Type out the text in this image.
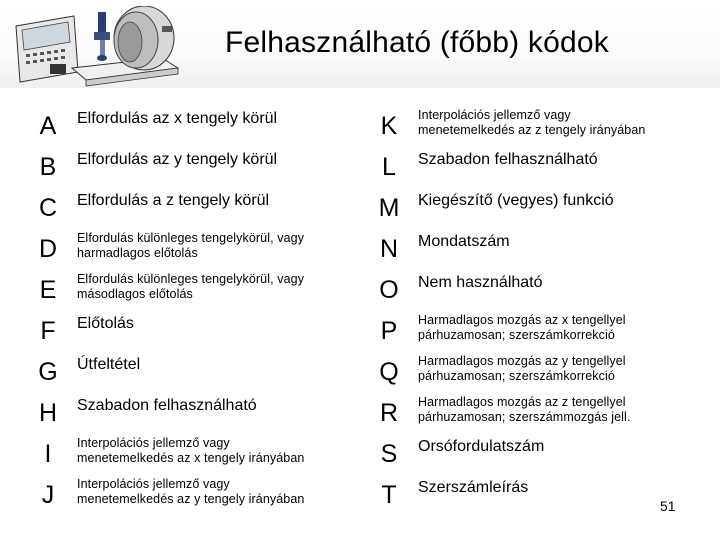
Felhasználható (főbb) kódok
A	Elfordulás az x tengely körül	K	Interpolációs jellemző vagy
menetemelkedés az z tengely irányában
B	Elfordulás az y tengely körül	L	Szabadon felhasználható
C	Elfordulás a z tengely körül	M	Kiegészítő (vegyes) funkció
D	Elfordulás különleges tengelykörül, vagy
harmadlagos előtolás	N	Mondatszám
E	Elfordulás különleges tengelykörül, vagy
másodlagos előtolás	O	Nem használható
F	Előtolás	P	Harmadlagos mozgás az x tengellyel
párhuzamosan; szerszámkorrekció
G	Útfeltétel	Q	Harmadlagos mozgás az y tengellyel
párhuzamosan; szerszámkorrekció
H	Szabadon felhasználható	R	Harmadlagos mozgás az z tengellyel
párhuzamosan; szerszámmozgás jell.
I	Interpolációs jellemző vagy
menetemelkedés az x tengely irányában	S	Orsófordulatszám
J	Interpolációs jellemző vagy
menetemelkedés az y tengely irányában	T	Szerszámleírás
51
